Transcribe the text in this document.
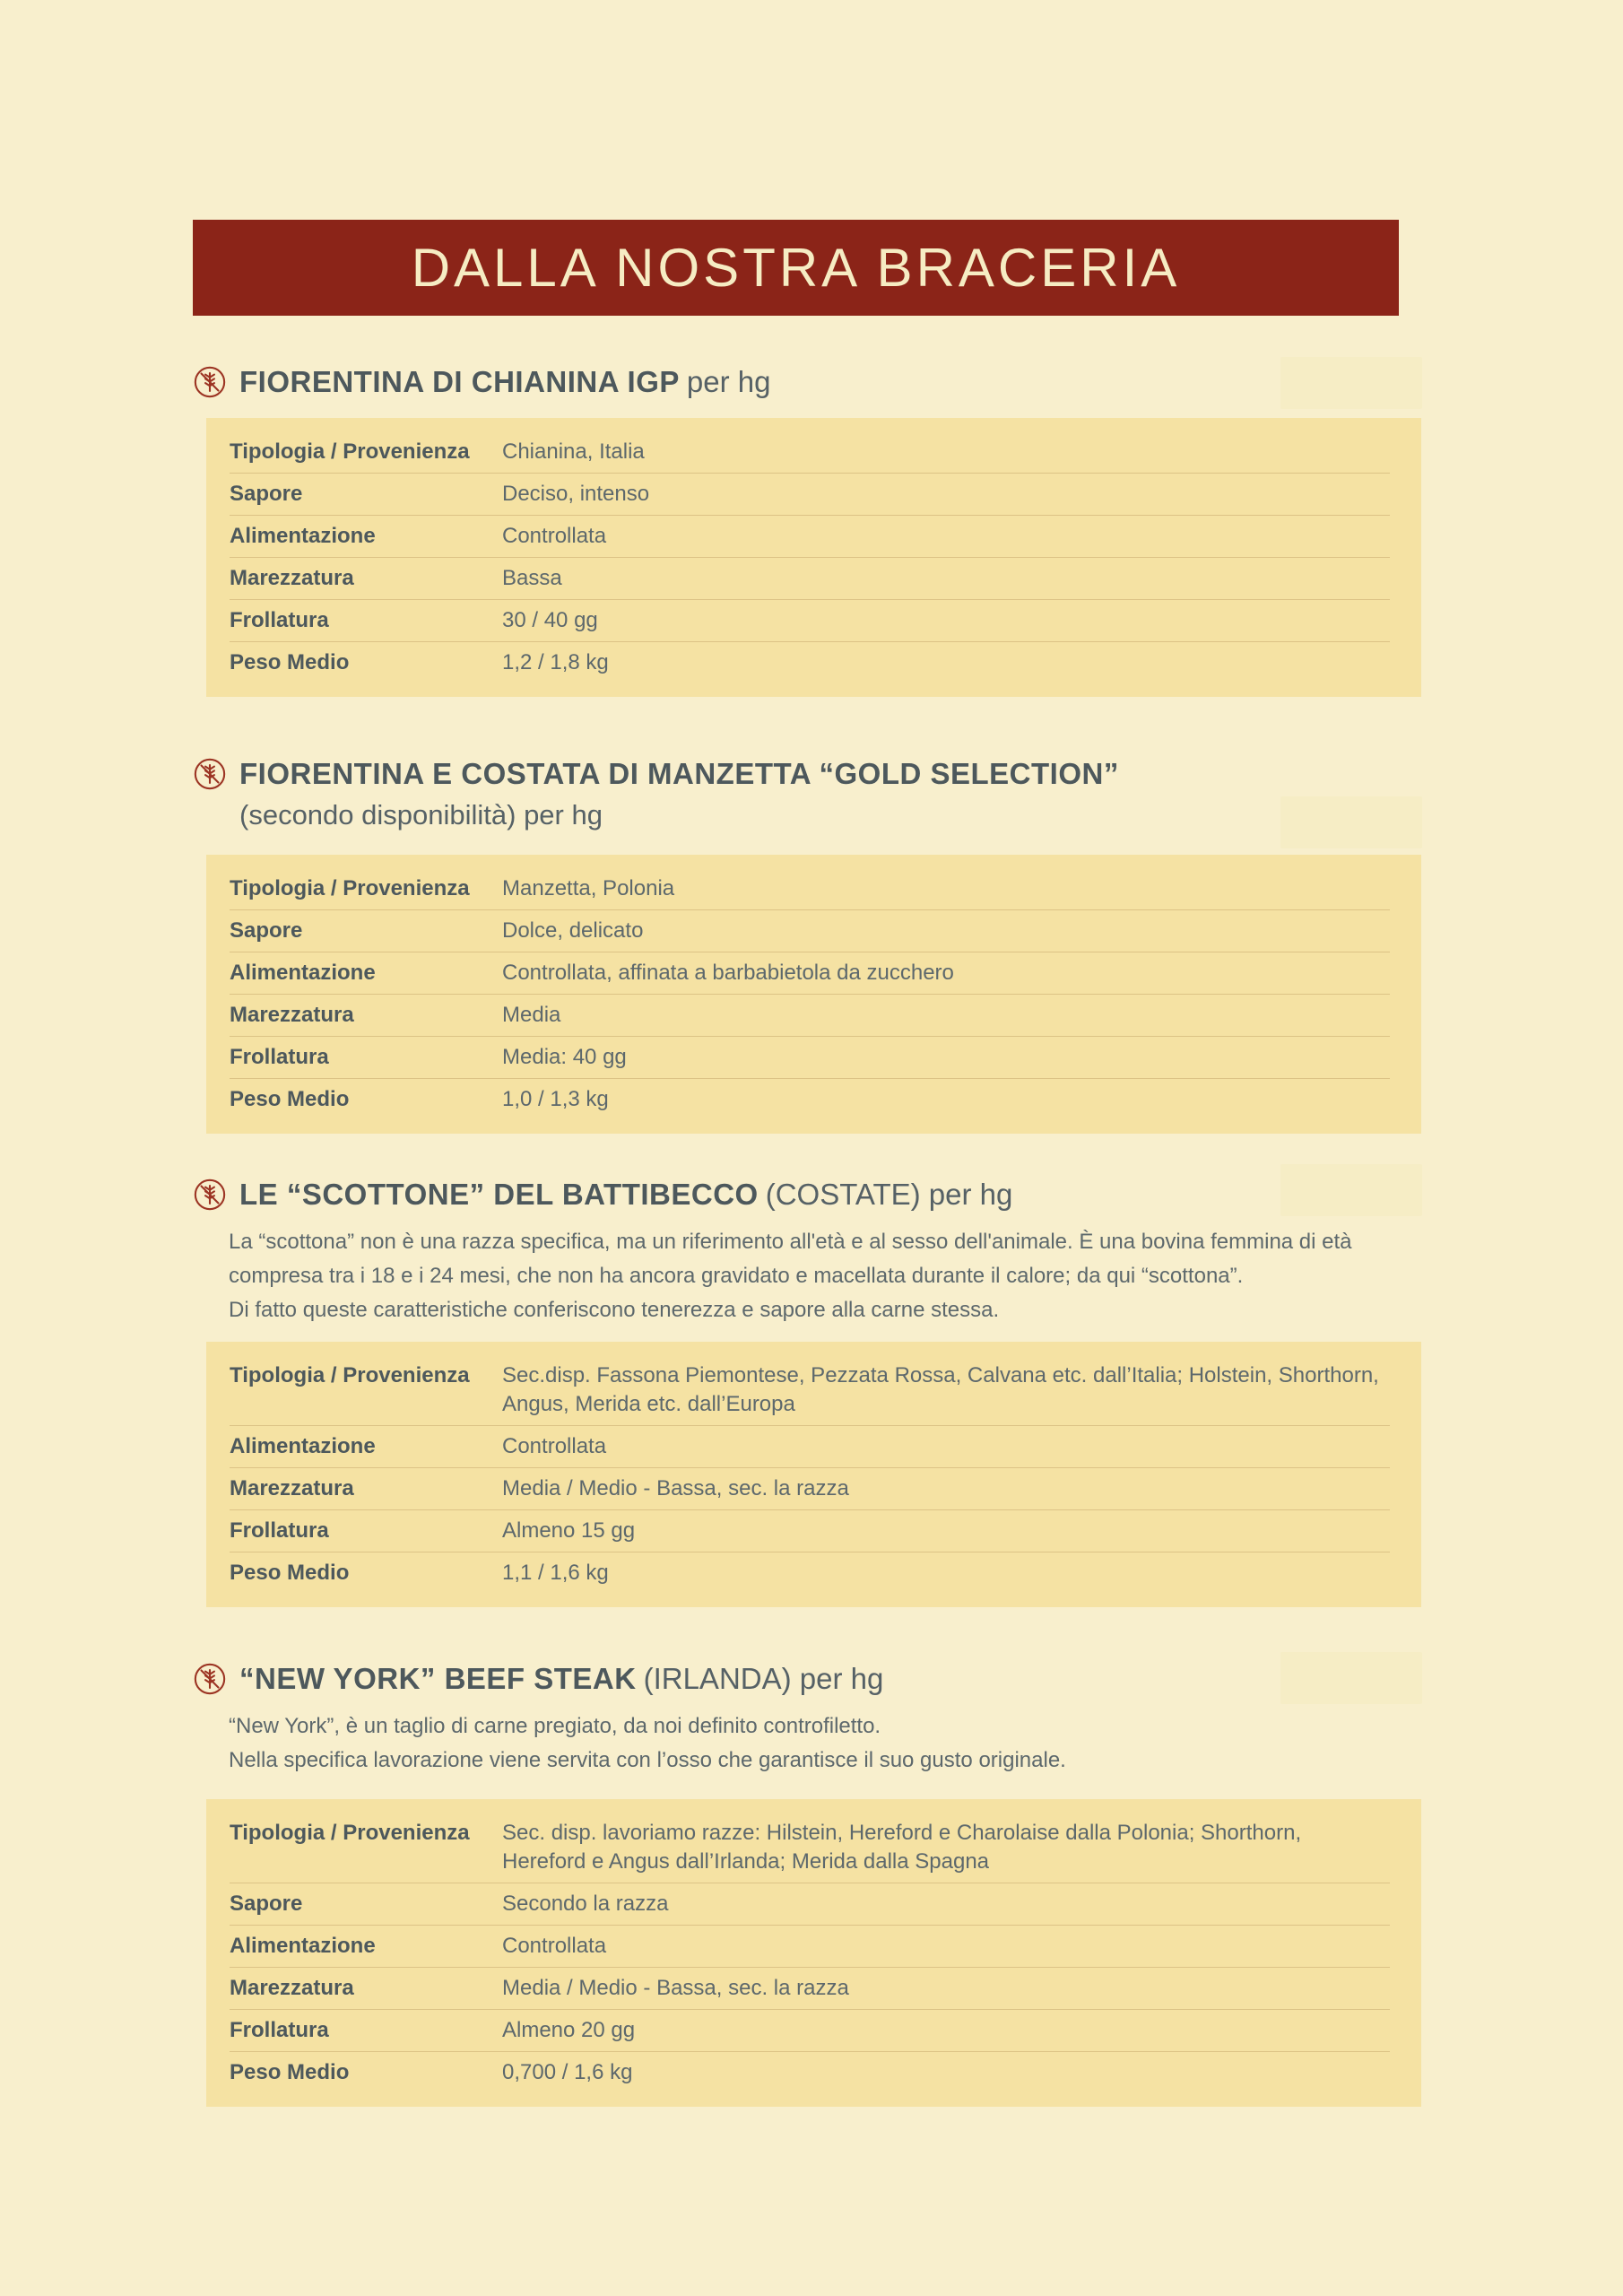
DALLA NOSTRA BRACERIA
FIORENTINA DI CHIANINA IGP per hg
Tipologia / Provenienza	Chianina, Italia
Sapore	Deciso, intenso
Alimentazione	Controllata
Marezzatura	Bassa
Frollatura	30 / 40 gg
Peso Medio	1,2 / 1,8 kg
FIORENTINA E COSTATA DI MANZETTA “GOLD SELECTION”
(secondo disponibilità) per hg
Tipologia / Provenienza	Manzetta, Polonia
Sapore	Dolce, delicato
Alimentazione	Controllata, affinata a barbabietola da zucchero
Marezzatura	Media
Frollatura	Media: 40 gg
Peso Medio	1,0 / 1,3 kg
LE “SCOTTONE” DEL BATTIBECCO (COSTATE) per hg

La “scottona” non è una razza specifica, ma un riferimento all'età e al sesso dell'animale. È una bovina femmina di età compresa tra i 18 e i 24 mesi, che non ha ancora gravidato e macellata durante il calore; da qui “scottona”.

Di fatto queste caratteristiche conferiscono tenerezza e sapore alla carne stessa.

Tipologia / Provenienza	Sec.disp. Fassona Piemontese, Pezzata Rossa, Calvana etc. dall’Italia; Holstein, Shorthorn, Angus, Merida etc. dall’Europa
Alimentazione	Controllata
Marezzatura	Media / Medio - Bassa, sec. la razza
Frollatura	Almeno 15 gg
Peso Medio	1,1 / 1,6 kg
“NEW YORK” BEEF STEAK (IRLANDA) per hg

“New York”, è un taglio di carne pregiato, da noi definito controfiletto.

Nella specifica lavorazione viene servita con l’osso che garantisce il suo gusto originale.

Tipologia / Provenienza	Sec. disp. lavoriamo razze: Hilstein, Hereford e Charolaise dalla Polonia; Shorthorn, Hereford e Angus dall’Irlanda; Merida dalla Spagna
Sapore	Secondo la razza
Alimentazione	Controllata
Marezzatura	Media / Medio - Bassa, sec. la razza
Frollatura	Almeno 20 gg
Peso Medio	0,700 / 1,6 kg
